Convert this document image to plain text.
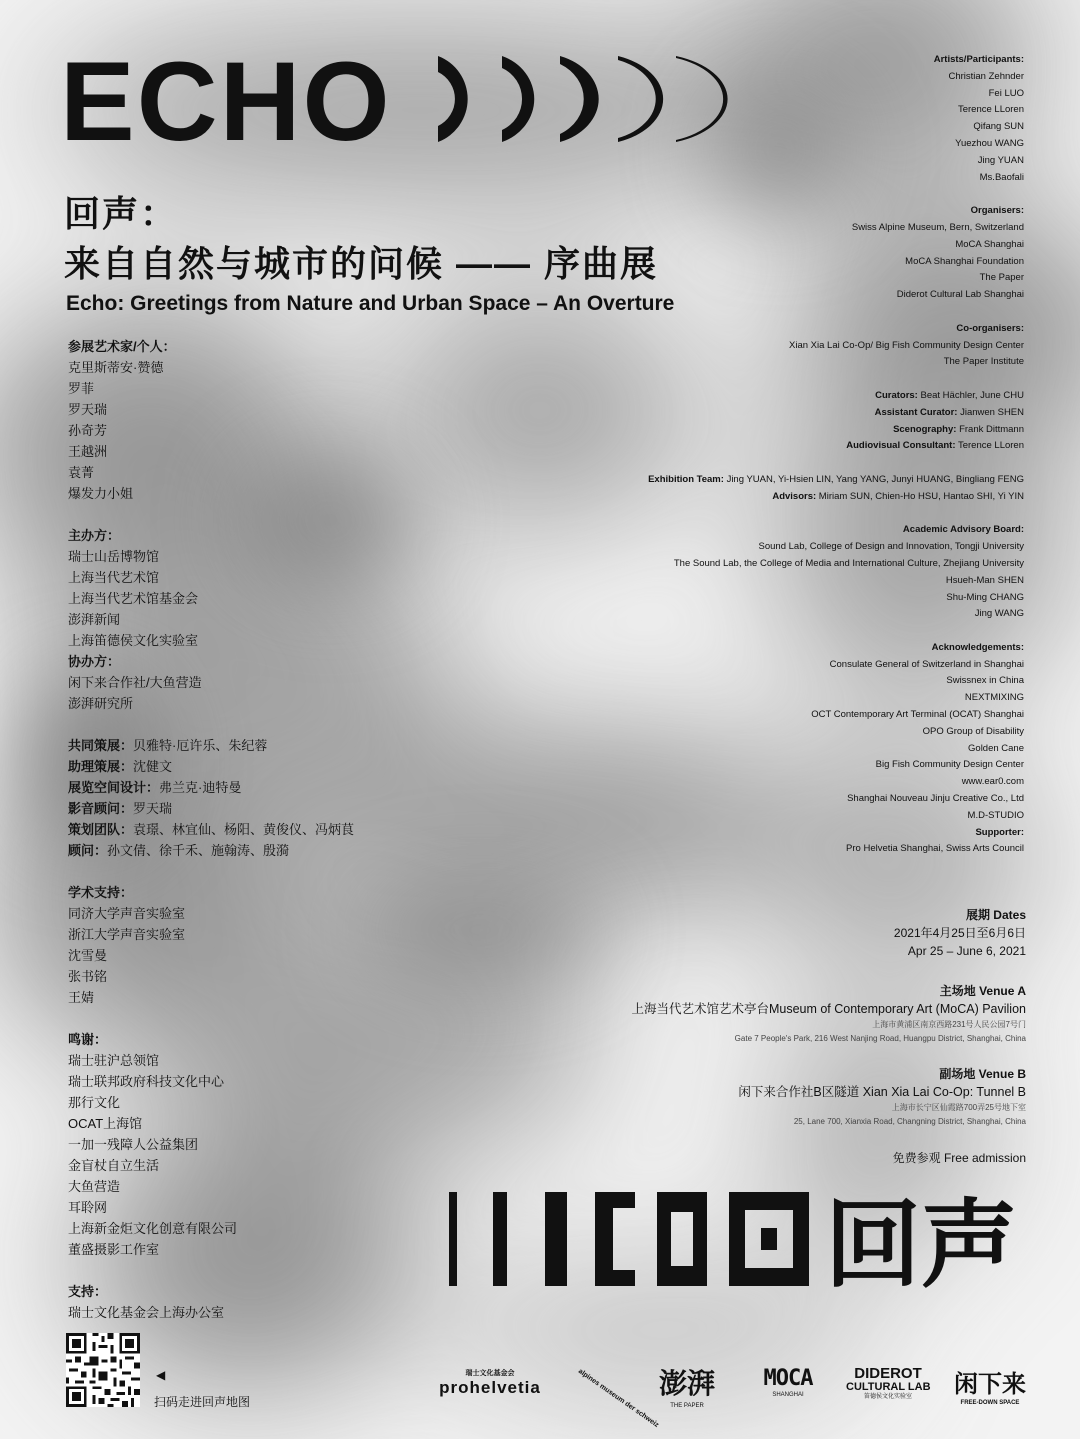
ECHO
回声：
来自自然与城市的问候 —— 序曲展
Echo: Greetings from Nature and Urban Space – An Overture
参展艺术家/个人：
克里斯蒂安·赞德
罗菲
罗天瑞
孙奇芳
王越洲
袁菁
爆发力小姐
主办方：
瑞士山岳博物馆
上海当代艺术馆
上海当代艺术馆基金会
澎湃新闻
上海笛德侯文化实验室
协办方：
闲下来合作社/大鱼营造
澎湃研究所
共同策展：贝雅特·厄许乐、朱纪蓉
助理策展：沈健文
展览空间设计：弗兰克·迪特曼
影音顾问：罗天瑞
策划团队：袁璟、林宜仙、杨阳、黄俊仪、冯炳茛
顾问：孙文倩、徐千禾、施翰涛、殷漪
学术支持：
同济大学声音实验室
浙江大学声音实验室
沈雪曼
张书铭
王婧
鸣谢：
瑞士驻沪总领馆
瑞士联邦政府科技文化中心
那行文化
OCAT上海馆
一加一残障人公益集团
金盲杖自立生活
大鱼营造
耳聆网
上海新金炬文化创意有限公司
董盛摄影工作室
支持：
瑞士文化基金会上海办公室
Artists/Participants:
Christian Zehnder
Fei LUO
Terence LLoren
Qifang SUN
Yuezhou WANG
Jing YUAN
Ms.Baofali
Organisers:
Swiss Alpine Museum, Bern, Switzerland
MoCA Shanghai
MoCA Shanghai Foundation
The Paper
Diderot Cultural Lab Shanghai
Co-organisers:
Xian Xia Lai Co-Op/ Big Fish Community Design Center
The Paper Institute
Curators: Beat Hächler, June CHU
Assistant Curator: Jianwen SHEN
Scenography: Frank Dittmann
Audiovisual Consultant: Terence LLoren
Exhibition Team: Jing YUAN, Yi-Hsien LIN, Yang YANG, Junyi HUANG, Bingliang FENG
Advisors: Miriam SUN, Chien-Ho HSU, Hantao SHI, Yi YIN
Academic Advisory Board:
Sound Lab, College of Design and Innovation, Tongji University
The Sound Lab, the College of Media and International Culture, Zhejiang University
Hsueh-Man SHEN
Shu-Ming CHANG
Jing WANG
Acknowledgements:
Consulate General of Switzerland in Shanghai
Swissnex in China
NEXTMIXING
OCT Contemporary Art Terminal (OCAT) Shanghai
OPO Group of Disability
Golden Cane
Big Fish Community Design Center
www.ear0.com
Shanghai Nouveau Jinju Creative Co., Ltd
M.D-STUDIO
Supporter:
Pro Helvetia Shanghai, Swiss Arts Council
展期 Dates
2021年4月25日至6月6日
Apr 25 – June 6, 2021
主场地 Venue A
上海当代艺术馆艺术亭台Museum of Contemporary Art (MoCA) Pavilion
上海市黄浦区南京西路231号人民公园7号门
Gate 7 People's Park, 216 West Nanjing Road, Huangpu District, Shanghai, China
副场地 Venue B
闲下来合作社B区隧道 Xian Xia Lai Co-Op: Tunnel B
上海市长宁区仙霞路700弄25号地下室
25, Lane 700, Xianxia Road, Changning District, Shanghai, China
免费参观 Free admission
回声
◀
扫码走进回声地图
瑞士文化基金会
prohelvetia	alpines museum der schweiz 澎湃
THE PAPER
MOCA
SHANGHAI
DIDEROT
CULTURAL LAB
笛德侯文化实验室	闲下来
FREE-DOWN SPACE
